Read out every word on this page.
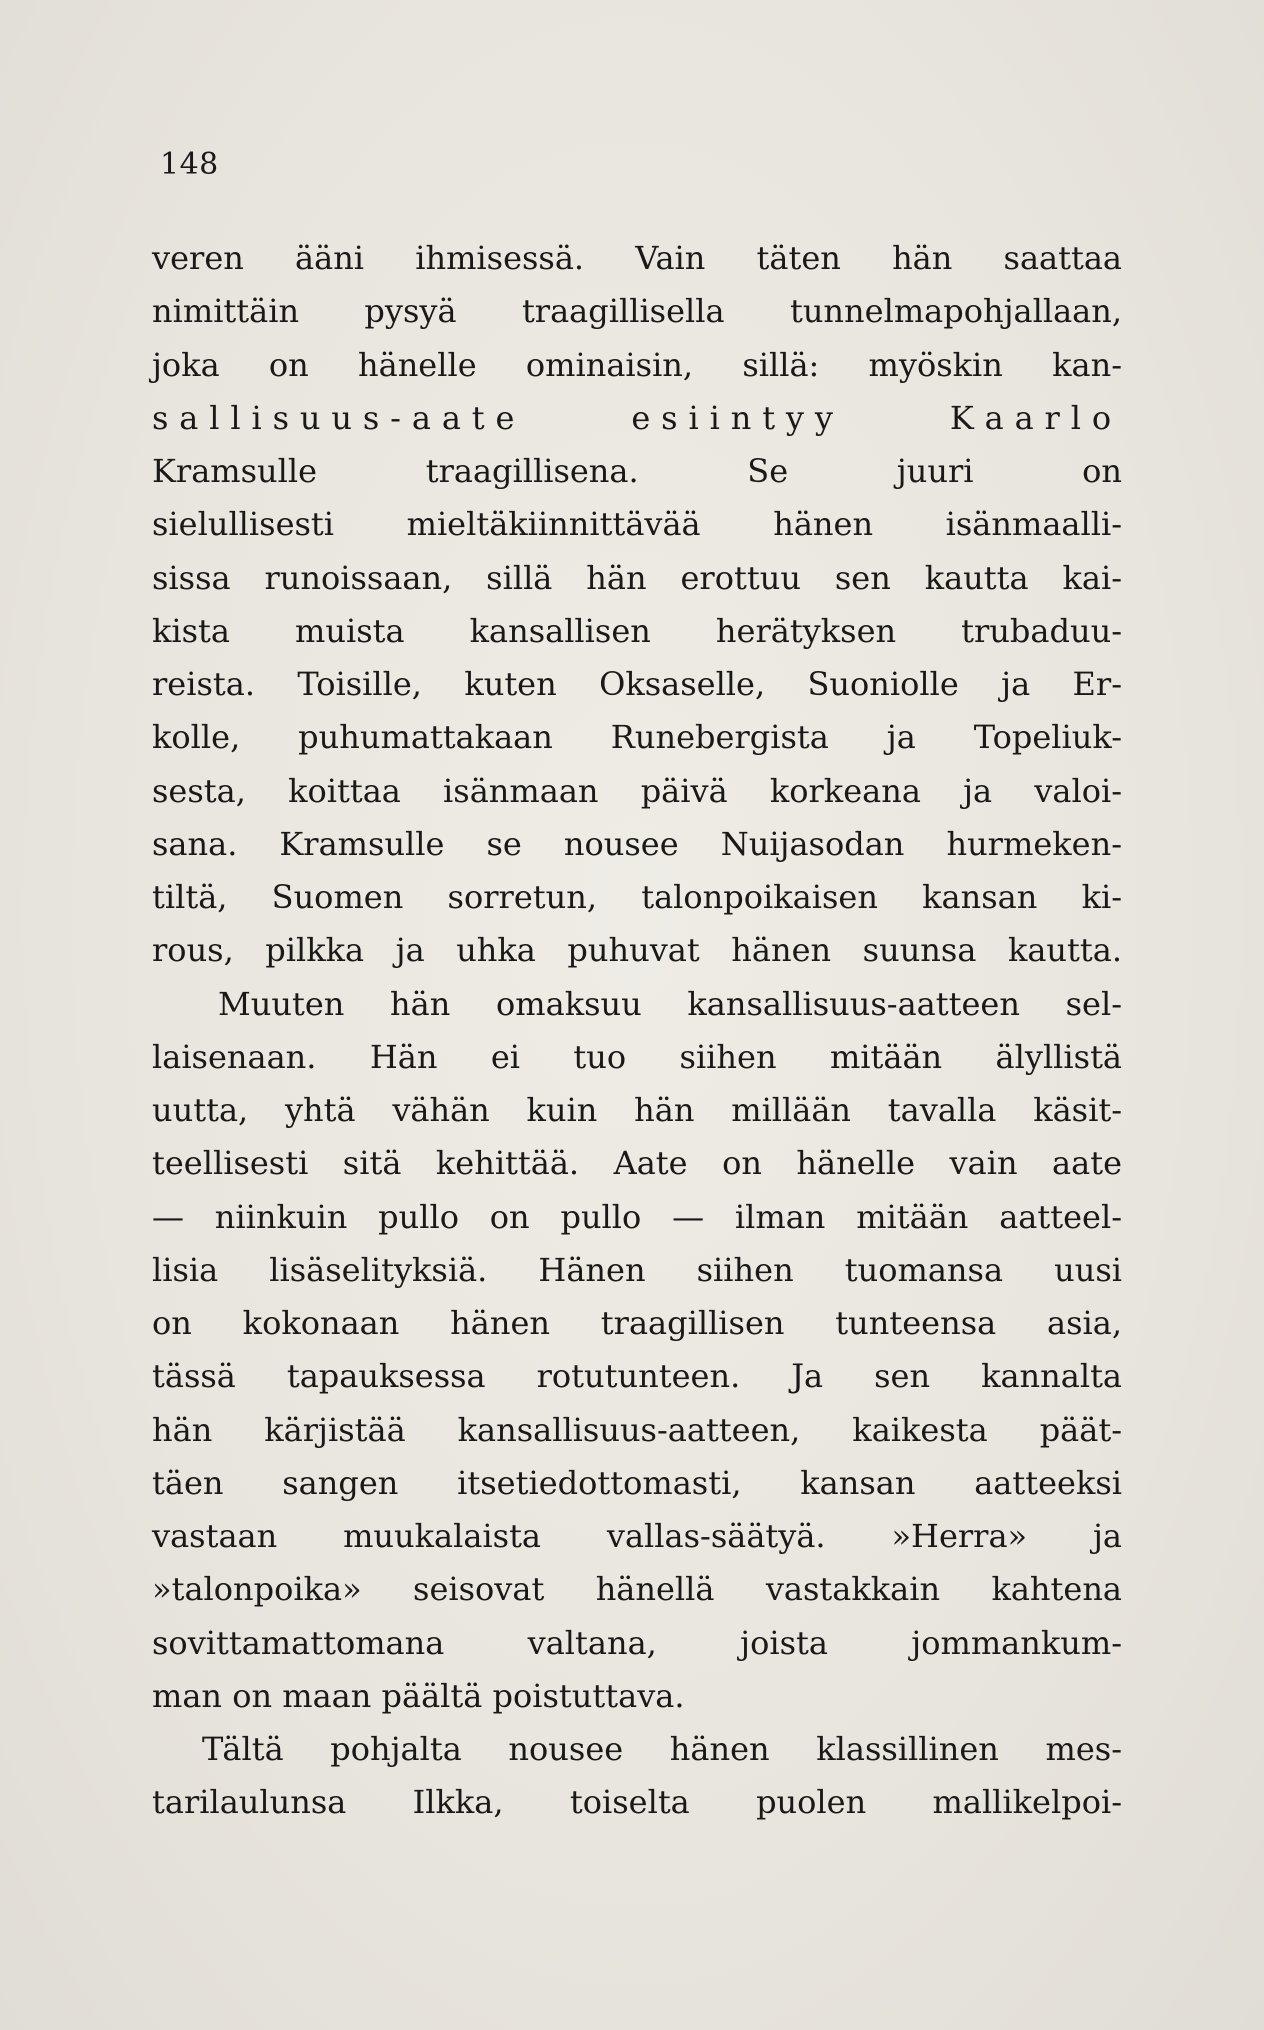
148
veren ääni ihmisessä. Vain täten hän saattaa
nimittäin pysyä traagillisella tunnelmapohjallaan,
joka on hänelle ominaisin, sillä: myöskin kan-
sallisuus-aate esiintyy Kaarlo
Kramsulle traagillisena. Se juuri on
sielullisesti mieltäkiinnittävää hänen isänmaalli-
sissa runoissaan, sillä hän erottuu sen kautta kai-
kista muista kansallisen herätyksen trubaduu-
reista. Toisille, kuten Oksaselle, Suoniolle ja Er-
kolle, puhumattakaan Runebergista ja Topeliuk-
sesta, koittaa isänmaan päivä korkeana ja valoi-
sana. Kramsulle se nousee Nuijasodan hurmeken-
tiltä, Suomen sorretun, talonpoikaisen kansan ki-
rous, pilkka ja uhka puhuvat hänen suunsa kautta.
Muuten hän omaksuu kansallisuus-aatteen sel-
laisenaan. Hän ei tuo siihen mitään älyllistä
uutta, yhtä vähän kuin hän millään tavalla käsit-
teellisesti sitä kehittää. Aate on hänelle vain aate
— niinkuin pullo on pullo — ilman mitään aatteel-
lisia lisäselityksiä. Hänen siihen tuomansa uusi
on kokonaan hänen traagillisen tunteensa asia,
tässä tapauksessa rotutunteen. Ja sen kannalta
hän kärjistää kansallisuus-aatteen, kaikesta päät-
täen sangen itsetiedottomasti, kansan aatteeksi
vastaan muukalaista vallas-säätyä. »Herra» ja
»talonpoika» seisovat hänellä vastakkain kahtena
sovittamattomana valtana, joista jommankum-
man on maan päältä poistuttava.
Tältä pohjalta nousee hänen klassillinen mes-
tarilaulunsa Ilkka, toiselta puolen mallikelpoi-
